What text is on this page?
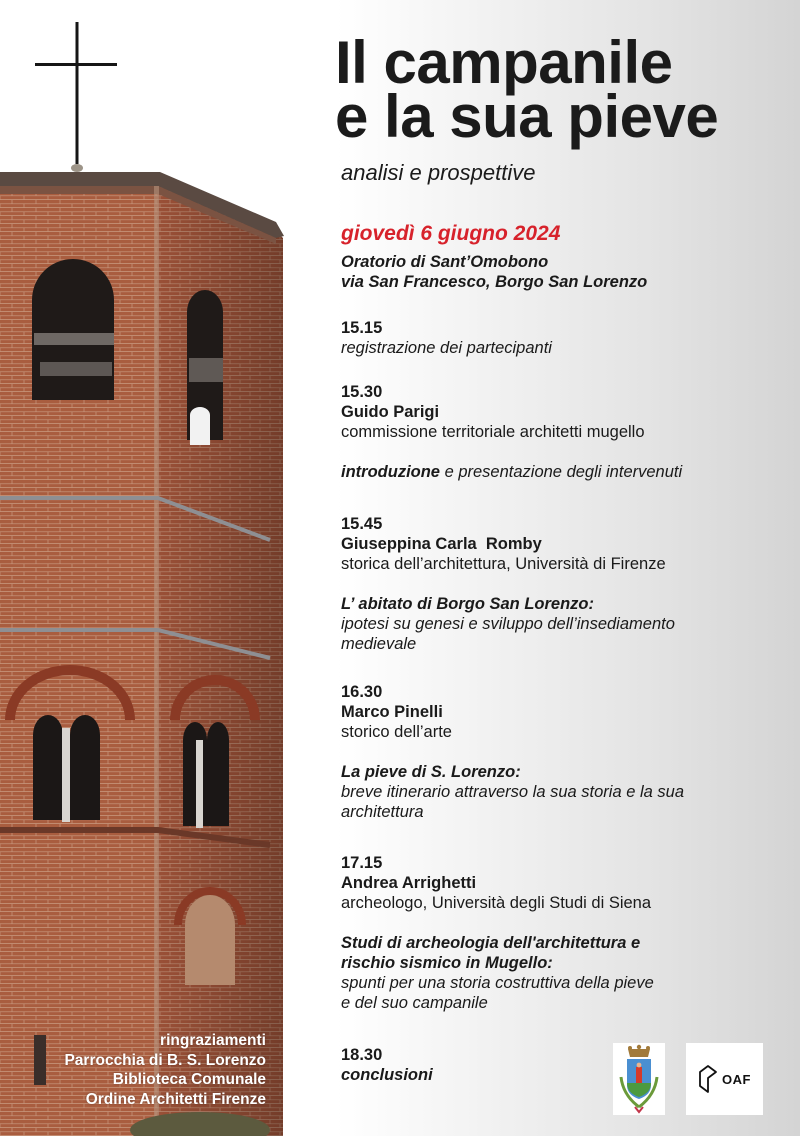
Il campanile
e la sua pieve
analisi e prospettive
giovedì 6 giugno 2024
Oratorio di Sant’Omobono
via San Francesco, Borgo San Lorenzo
15.15
registrazione dei partecipanti
15.30
Guido Parigi
commissione territoriale architetti mugello
introduzione e presentazione degli intervenuti
15.45
Giuseppina Carla  Romby
storica dell’architettura, Università di Firenze
L’ abitato di Borgo San Lorenzo:
ipotesi su genesi e sviluppo dell’insediamento
medievale
16.30
Marco Pinelli
storico dell’arte
La pieve di S. Lorenzo:
breve itinerario attraverso la sua storia e la sua
architettura
17.15
Andrea Arrighetti
archeologo, Università degli Studi di Siena
Studi di archeologia dell'architettura e
rischio sismico in Mugello:
spunti per una storia costruttiva della pieve
e del suo campanile
18.30
conclusioni
ringraziamenti
Parrocchia di B. S. Lorenzo
Biblioteca Comunale
Ordine Architetti Firenze
OAF
